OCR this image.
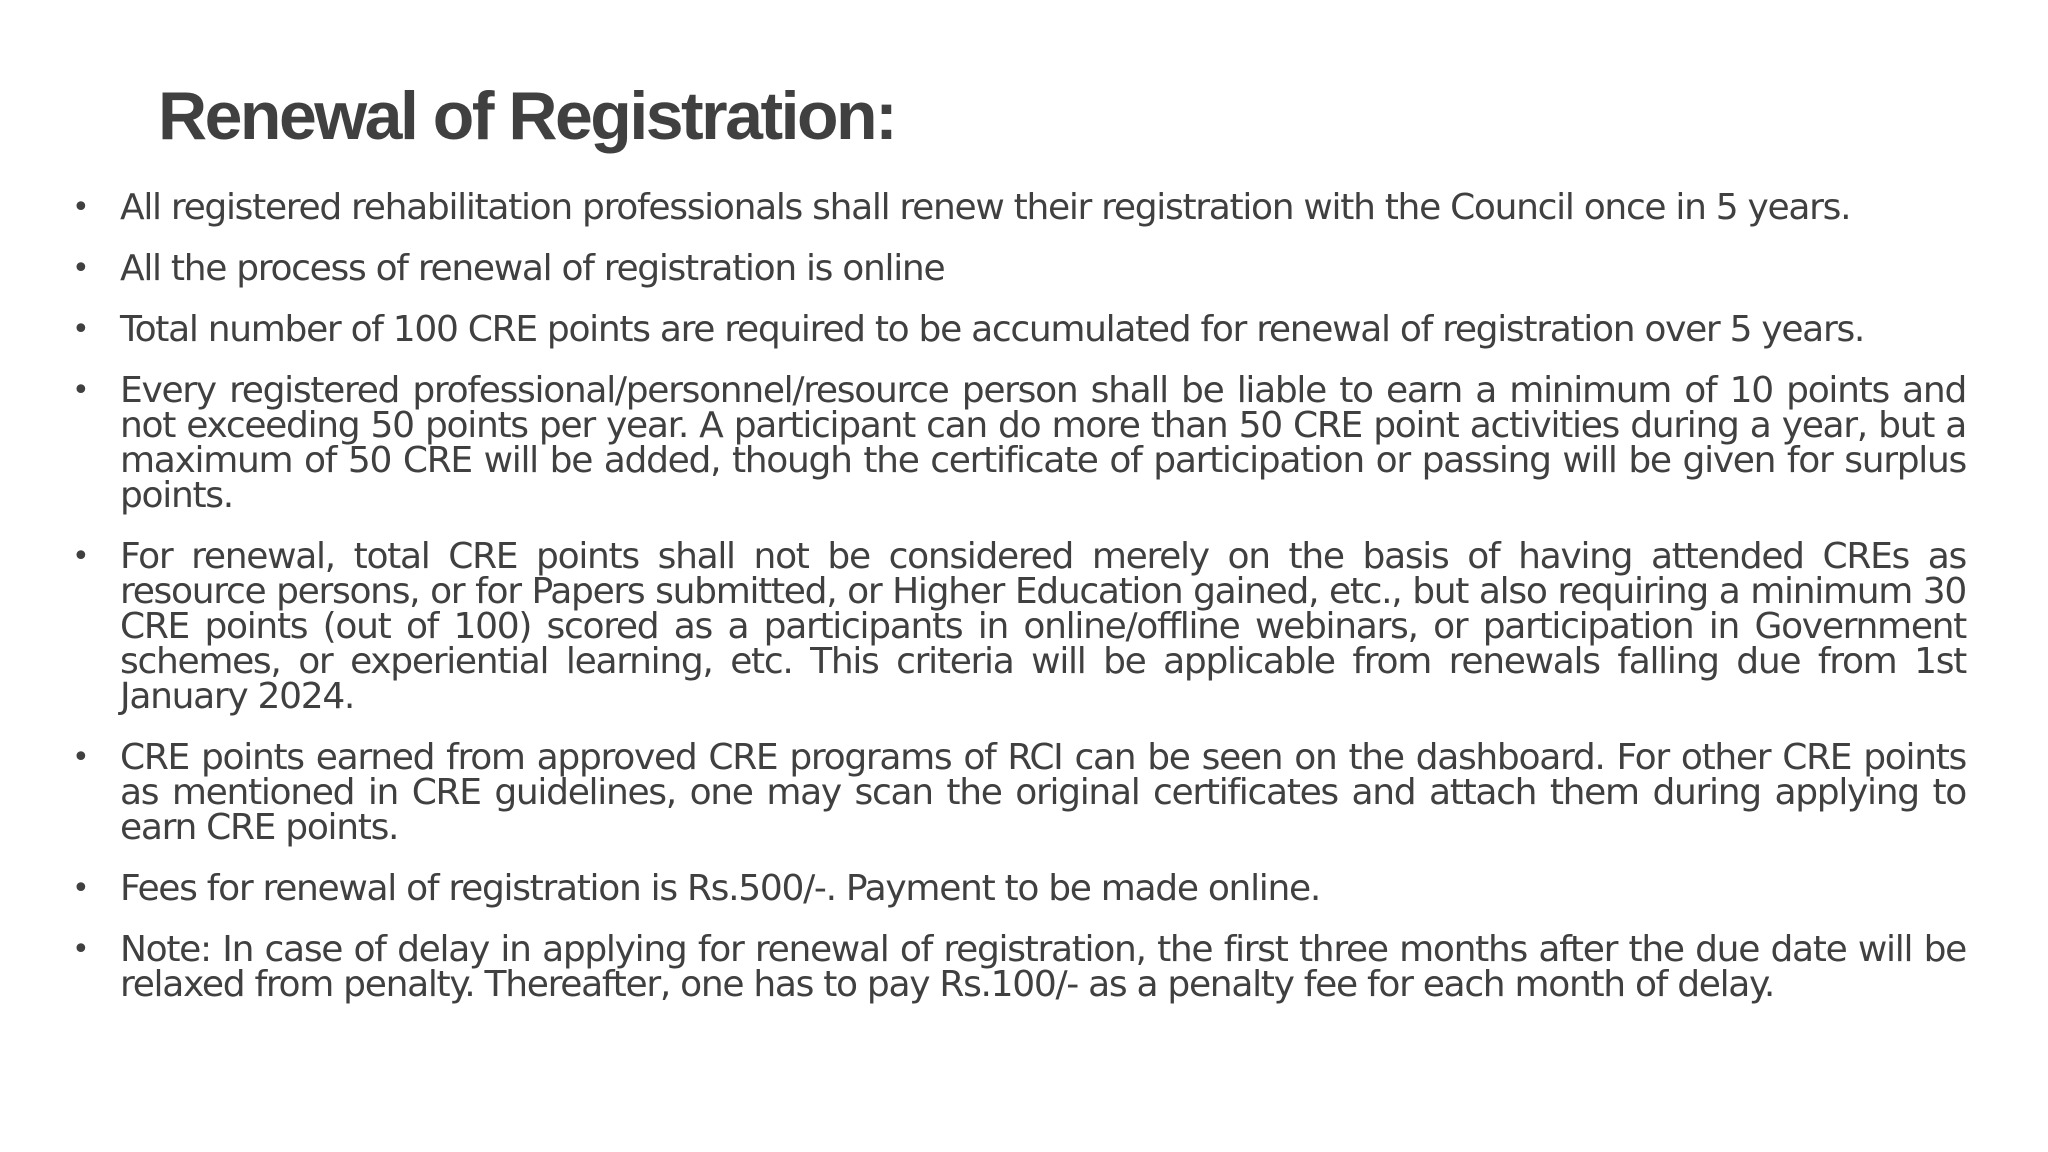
Renewal of Registration:
• All registered rehabilitation professionals shall renew their registration with the Council once in 5 years.
• All the process of renewal of registration is online
• Total number of 100 CRE points are required to be accumulated for renewal of registration over 5 years.
• Every registered professional/personnel/resource person shall be liable to earn a minimum of 10 points and not exceeding 50 points per year. A participant can do more than 50 CRE point activities during a year, but a maximum of 50 CRE will be added, though the certificate of participation or passing will be given for surplus points.
• For renewal, total CRE points shall not be considered merely on the basis of having attended CREs as resource persons, or for Papers submitted, or Higher Education gained, etc., but also requiring a minimum 30 CRE points (out of 100) scored as a participants in online/offline webinars, or participation in Government schemes, or experiential learning, etc. This criteria will be applicable from renewals falling due from 1st January 2024.
• CRE points earned from approved CRE programs of RCI can be seen on the dashboard. For other CRE points as mentioned in CRE guidelines, one may scan the original certificates and attach them during applying to earn CRE points.
• Fees for renewal of registration is Rs.500/-. Payment to be made online.
• Note: In case of delay in applying for renewal of registration, the first three months after the due date will be relaxed from penalty. Thereafter, one has to pay Rs.100/- as a penalty fee for each month of delay.
